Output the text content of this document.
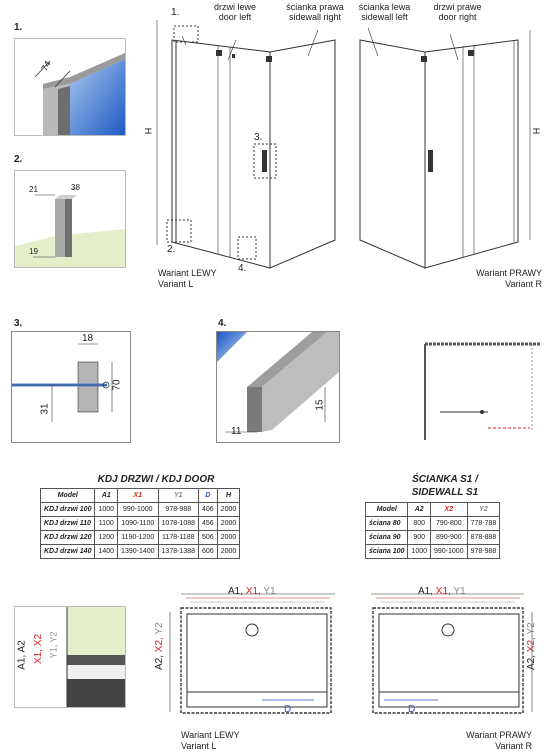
1.
74
2.
21	38
19
drzwi lewe
door left
ścianka prawa
sidewall right
1.
H
3.
2.
4.
Wariant LEWY
Variant L
ścianka lewa
sidewall left
drzwi prawe
door right
H
Wariant PRAWY
Variant R
3.
18
70
31
4.
15
11
KDJ DRZWI / KDJ DOOR
Model	A1	X1	Y1	D	H
KDJ drzwi 100	1000	990-1000	978-988	406	2000
KDJ drzwi 110	1100	1090-1100	1078-1088	456	2000
KDJ drzwi 120	1200	1190-1200	1178-1188	506	2000
KDJ drzwi 140	1400	1390-1400	1378-1388	606	2000
ŚCIANKA S1 /
SIDEWALL S1
Model	A2	X2	Y2
ściana 80	800	790-800	778-788
ściana 90	900	890-900	878-888
ściana 100	1000	990-1000	978-988
A1, A2 X1, X2 Y1, Y2
A1, X1, Y1
A2, X2, Y2
D
Wariant LEWY
Variant L
A1, X1, Y1
A2, X2, Y2
D
Wariant PRAWY
Variant R
